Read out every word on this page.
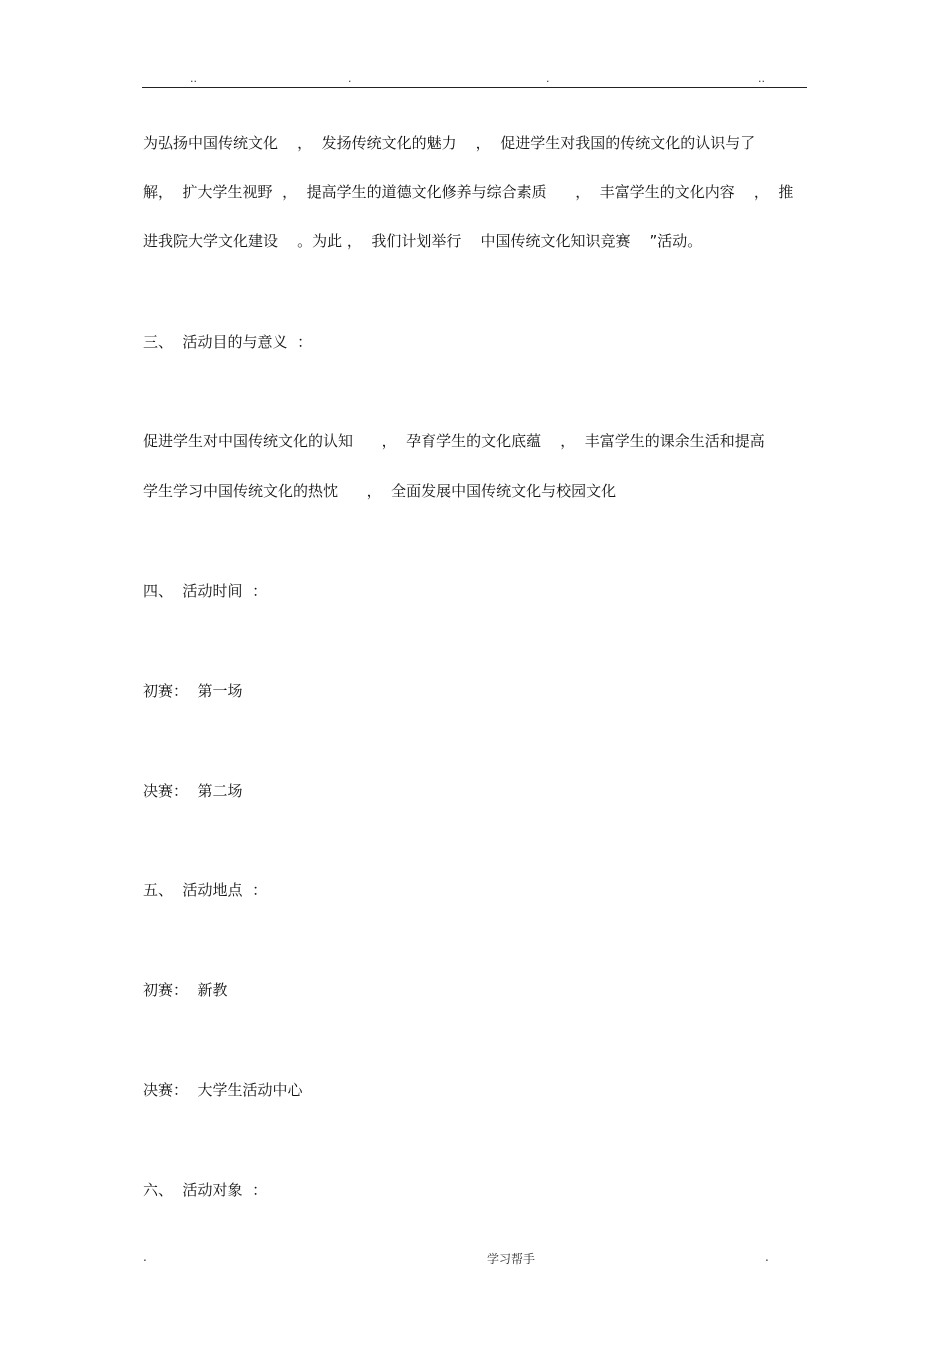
..	.	.	..
为弘扬中国传统文化    ，  发扬传统文化的魅力    ，  促进学生对我国的传统文化的认识与了
解，  扩大学生视野  ，  提高学生的道德文化修养与综合素质      ，  丰富学生的文化内容    ，  推
进我院大学文化建设    。为此 ，  我们计划举行    中国传统文化知识竞赛    ”活动。
三、  活动目的与意义  ：
促进学生对中国传统文化的认知      ，  孕育学生的文化底蕴    ，  丰富学生的课余生活和提高
学生学习中国传统文化的热忱      ，  全面发展中国传统文化与校园文化
四、  活动时间  ：
初赛：  第一场
决赛：  第二场
五、  活动地点  ：
初赛：  新教
决赛：  大学生活动中心
六、  活动对象  ：
.	学习帮手	.
